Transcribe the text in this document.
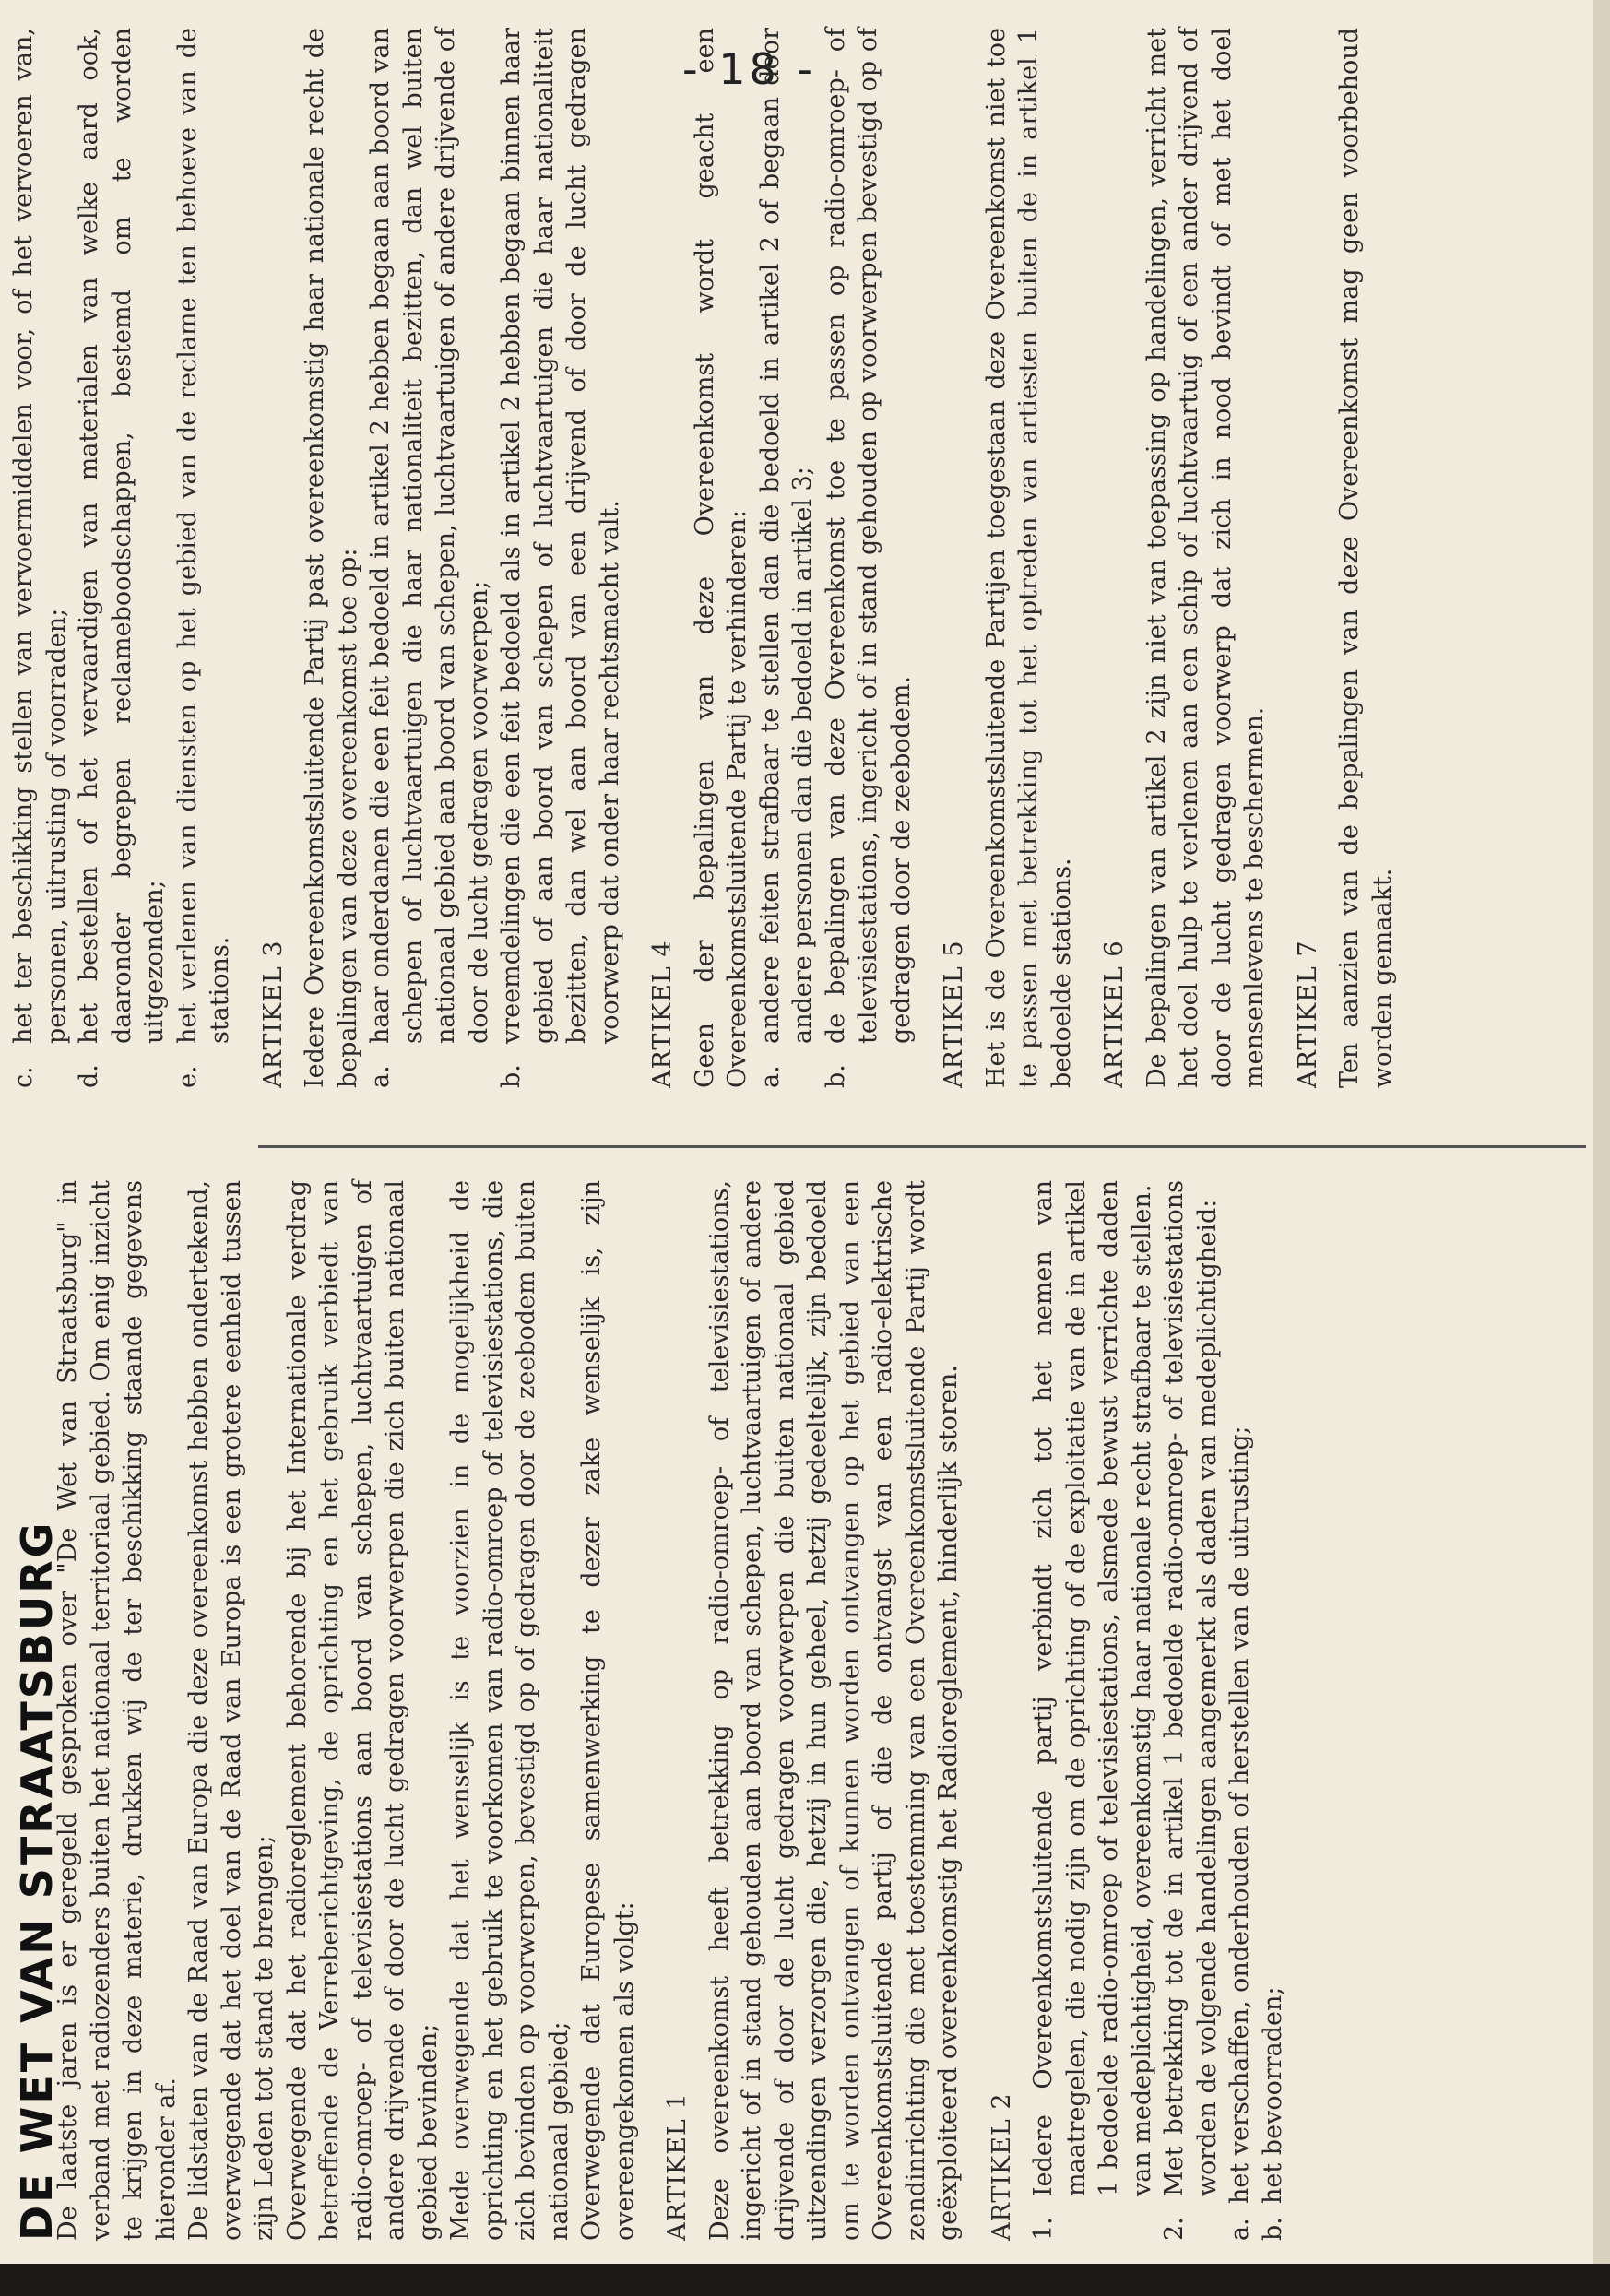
- 18 -
DE WET VAN STRAATSBURG

De laatste jaren is er geregeld gesproken over "De Wet van Straatsburg" in verband met radiozenders buiten het nationaal territoriaal gebied. Om enig inzicht te krijgen in deze materie, drukken wij de ter beschikking staande gegevens hieronder af. De lidstaten van de Raad van Europa die deze overeenkomst hebben ondertekend, overwegende dat het doel van de Raad van Europa is een grotere eenheid tussen zijn Leden tot stand te brengen; Overwegende dat het radioreglement behorende bij het Internationale verdrag betreffende de Verreberichtgeving, de oprichting en het gebruik verbiedt van radio-omroep- of televisiestations aan boord van schepen, luchtvaartuigen of andere drijvende of door de lucht gedragen voorwerpen die zich buiten nationaal gebied bevinden; Mede overwegende dat het wenselijk is te voorzien in de mogelijkheid de oprichting en het gebruik te voorkomen van radio-omroep of televisiestations, die zich bevinden op voorwerpen, bevestigd op of gedragen door de zeebodem buiten nationaal gebied; Overwegende dat Europese samenwerking te dezer zake wenselijk is, zijn overeengekomen als volgt: ARTIKEL 1 Deze overeenkomst heeft betrekking op radio-omroep- of televisiestations, ingericht of in stand gehouden aan boord van schepen, luchtvaartuigen of andere drijvende of door de lucht gedragen voorwerpen die buiten nationaal gebied uitzendingen verzorgen die, hetzij in hun geheel, hetzij gedeeltelijk, zijn bedoeld om te worden ontvangen of kunnen worden ontvangen op het gebied van een Overeenkomstsluitende partij of die de ontvangst van een radio-elektrische zendinrichting die met toestemming van een Overeenkomstsluitende Partij wordt geëxploiteerd overeenkomstig het Radioreglement, hinderlijk storen. ARTIKEL 2 1.
Iedere Overeenkomstsluitende partij verbindt zich tot het nemen van maatregelen, die nodig zijn om de oprichting of de exploitatie van de in artikel 1 bedoelde radio-omroep of televisiestations, alsmede bewust verrichte daden van medeplichtigheid, overeenkomstig haar nationale recht strafbaar te stellen.
2.
Met betrekking tot de in artikel 1 bedoelde radio-omroep- of televisiestations worden de volgende handelingen aangemerkt als daden van medeplichtigheid:
a.
het verschaffen, onderhouden of herstellen van de uitrusting;
b.
het bevoorraden;
c.
het ter beschikking stellen van vervoermiddelen voor, of het vervoeren van, personen, uitrusting of voorraden;
d.
het bestellen of het vervaardigen van materialen van welke aard ook, daaronder begrepen reclameboodschappen, bestemd om te worden uitgezonden;
e.
het verlenen van diensten op het gebied van de reclame ten behoeve van de stations. ARTIKEL 3 Iedere Overeenkomstsluitende Partij past overeenkomstig haar nationale recht de bepalingen van deze overeenkomst toe op: a.
haar onderdanen die een feit bedoeld in artikel 2 hebben begaan aan boord van schepen of luchtvaartuigen die haar nationaliteit bezitten, dan wel buiten nationaal gebied aan boord van schepen, luchtvaartuigen of andere drijvende of door de lucht gedragen voorwerpen;
b.
vreemdelingen die een feit bedoeld als in artikel 2 hebben begaan binnen haar gebied of aan boord van schepen of luchtvaartuigen die haar nationaliteit bezitten, dan wel aan boord van een drijvend of door de lucht gedragen voorwerp dat onder haar rechtsmacht valt. ARTIKEL 4 Geen der bepalingen van deze Overeenkomst wordt geacht een Overeenkomstsluitende Partij te verhinderen: a.
andere feiten strafbaar te stellen dan die bedoeld in artikel 2 of begaan door andere personen dan die bedoeld in artikel 3;
b.
de bepalingen van deze Overeenkomst toe te passen op radio-omroep- of televisiestations, ingericht of in stand gehouden op voorwerpen bevestigd op of gedragen door de zeebodem. ARTIKEL 5 Het is de Overeenkomstsluitende Partijen toegestaan deze Overeenkomst niet toe te passen met betrekking tot het optreden van artiesten buiten de in artikel 1 bedoelde stations. ARTIKEL 6 De bepalingen van artikel 2 zijn niet van toepassing op handelingen, verricht met het doel hulp te verlenen aan een schip of luchtvaartuig of een ander drijvend of door de lucht gedragen voorwerp dat zich in nood bevindt of met het doel mensenlevens te beschermen. ARTIKEL 7 Ten aanzien van de bepalingen van deze Overeenkomst mag geen voorbehoud worden gemaakt.
